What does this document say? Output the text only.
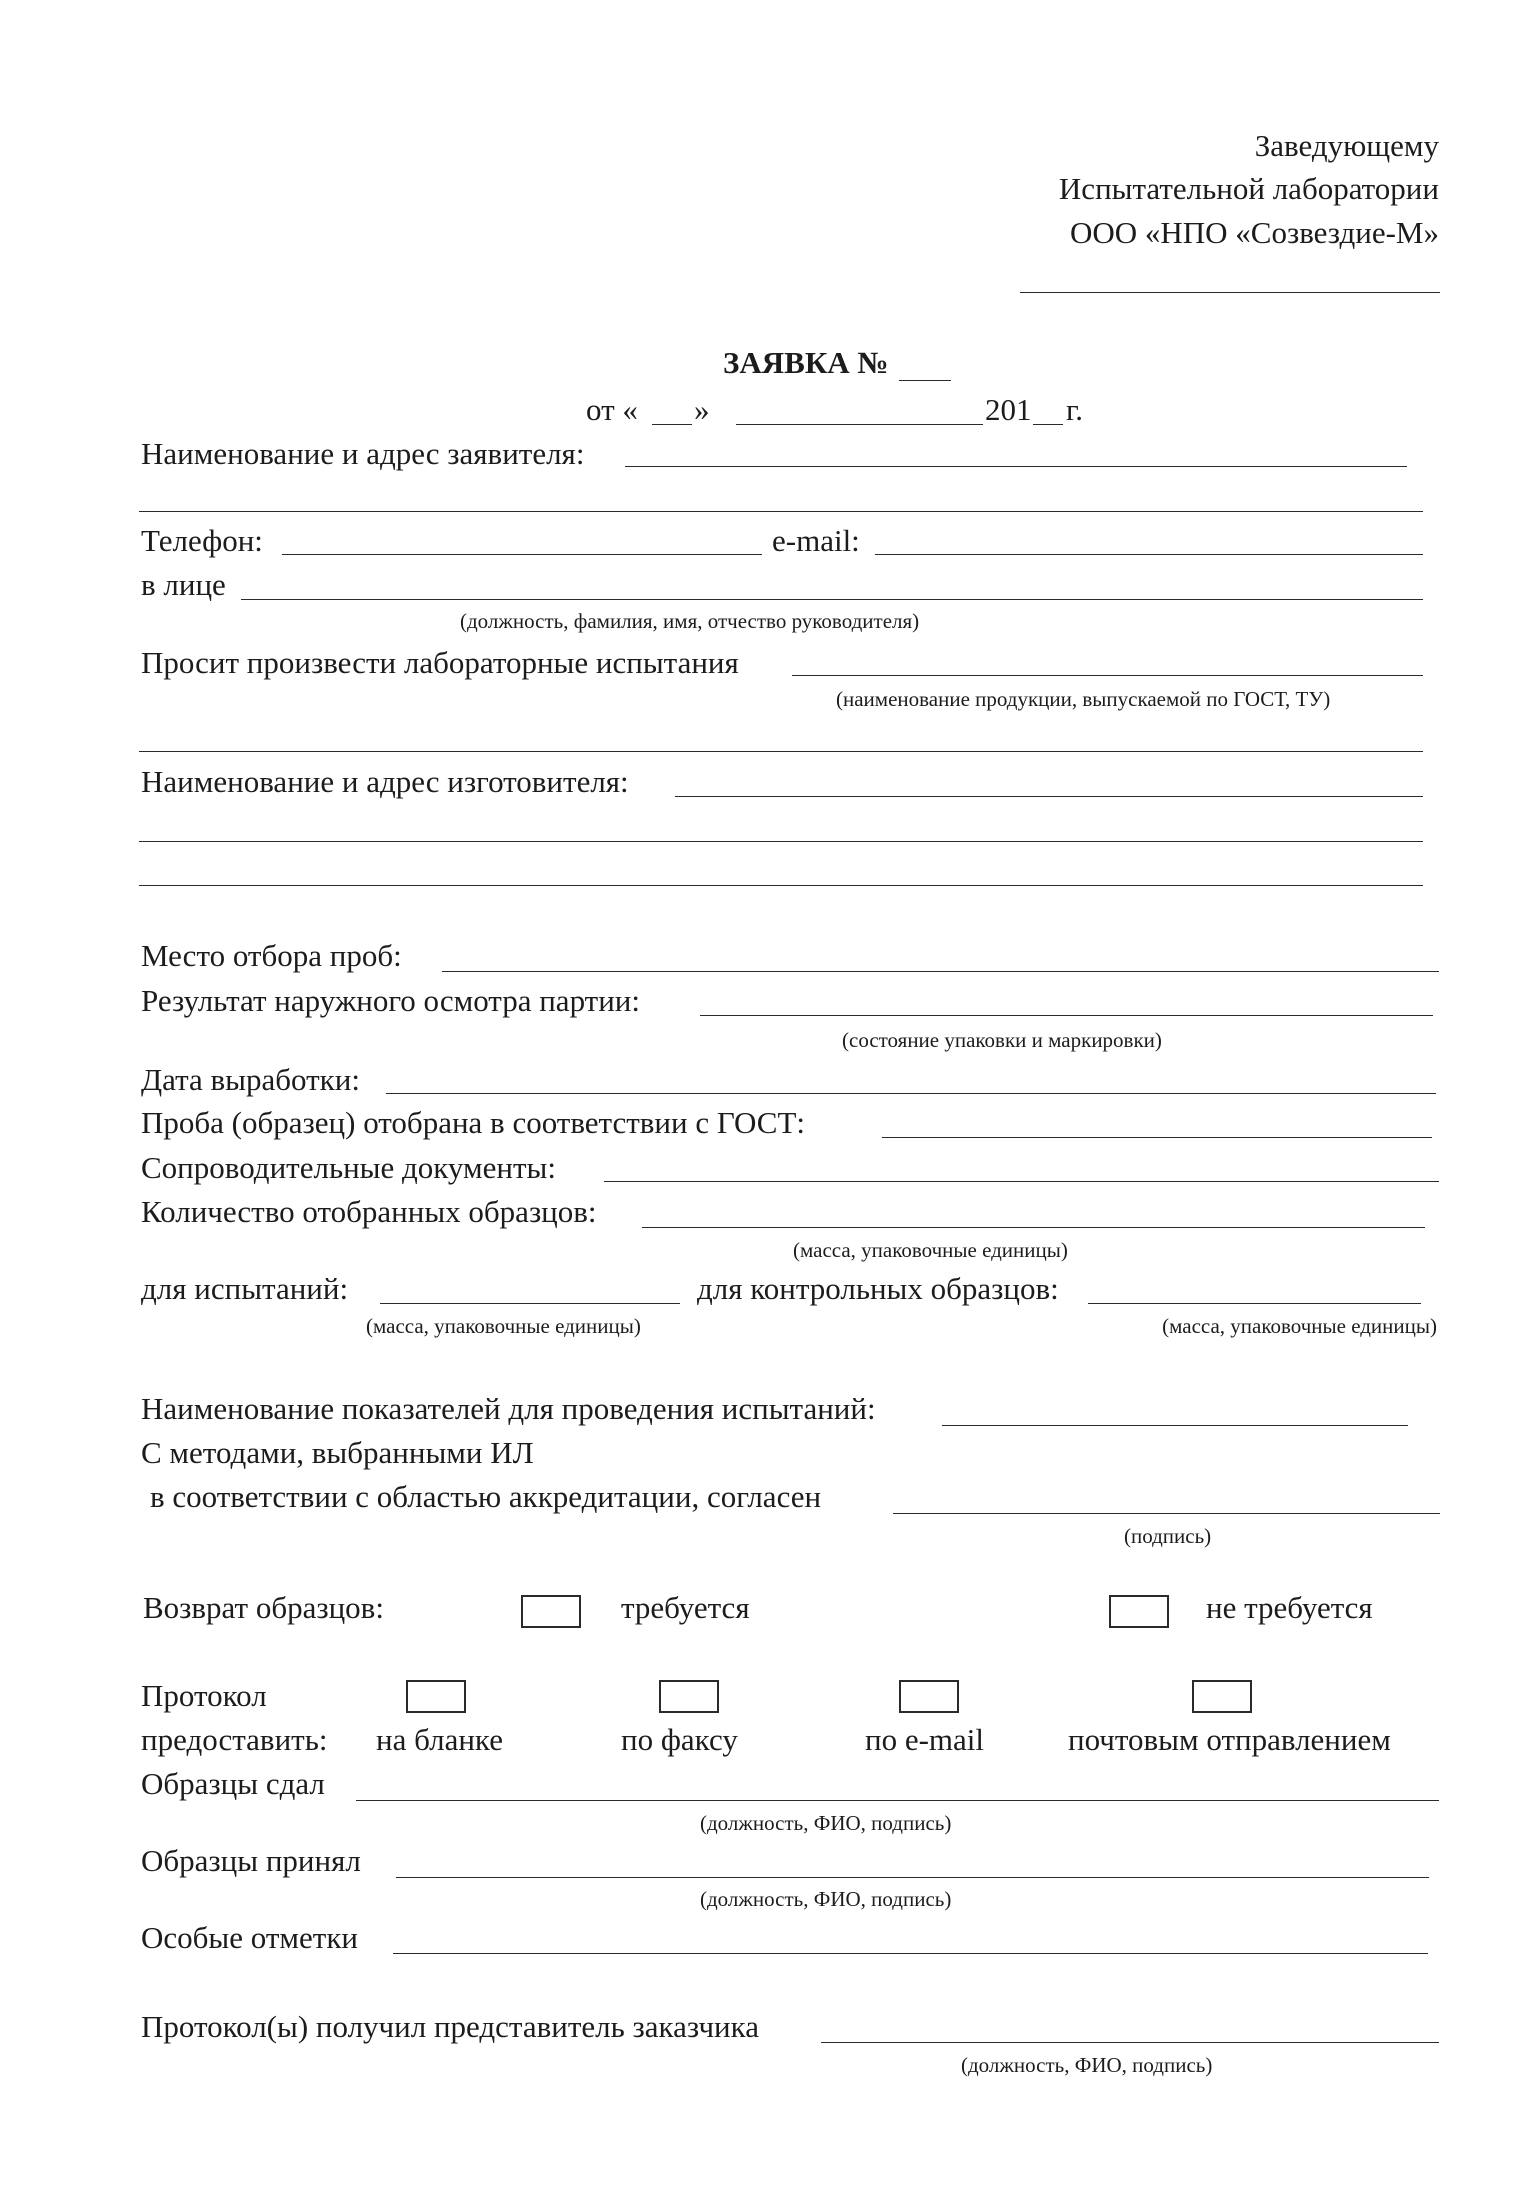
Заведующему
Испытательной лаборатории
ООО «НПО «Созвездие-М»
ЗАЯВКА №
от « »	201 г.
Наименование и адрес заявителя:
Телефон:	e-mail:
в лице
(должность, фамилия, имя, отчество руководителя)
Просит произвести лабораторные испытания
(наименование продукции, выпускаемой по ГОСТ, ТУ)
Наименование и адрес изготовителя:
Место отбора проб:
Результат наружного осмотра партии:
(состояние упаковки и маркировки)
Дата выработки:
Проба (образец) отобрана в соответствии с ГОСТ:
Сопроводительные документы:
Количество отобранных образцов:
(масса, упаковочные единицы)
для испытаний:	для контрольных образцов:
(масса, упаковочные единицы)	(масса, упаковочные единицы)
Наименование показателей для проведения испытаний:
С методами, выбранными ИЛ
в соответствии с областью аккредитации, согласен
(подпись)
Возврат образцов:	требуется	не требуется
Протокол
предоставить: на бланке	по факсу	по e-mail	почтовым отправлением
Образцы сдал
(должность, ФИО, подпись)
Образцы принял
(должность, ФИО, подпись)
Особые отметки
Протокол(ы) получил представитель заказчика
(должность, ФИО, подпись)
